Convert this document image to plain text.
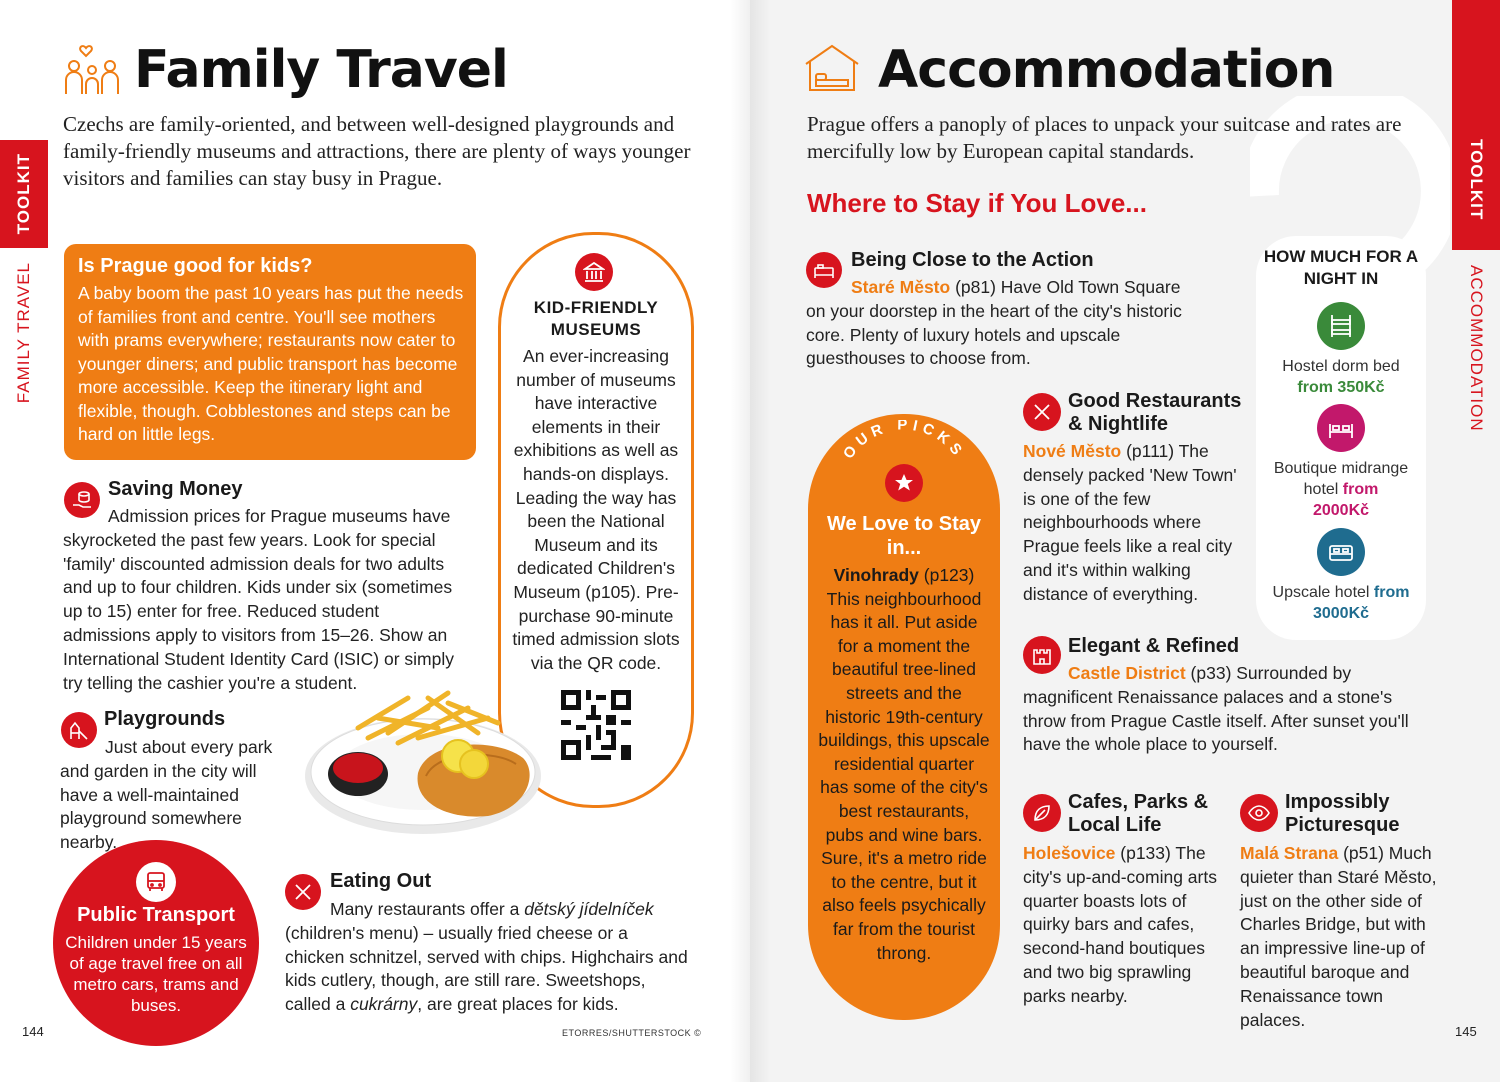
TOOLKIT
FAMILY TRAVEL
Family Travel
Czechs are family-oriented, and between well-designed playgrounds and family-friendly museums and attractions, there are plenty of ways younger visitors and families can stay busy in Prague.
Is Prague good for kids?
A baby boom the past 10 years has put the needs of families front and centre. You'll see mothers with prams everywhere; restaurants now cater to younger diners; and public transport has become more accessible. Keep the itinerary light and flexible, though. Cobblestones and steps can be hard on little legs.
KID-FRIENDLY MUSEUMS
An ever-increasing number of museums have interactive elements in their exhibitions as well as hands-on displays. Leading the way has been the National Museum and its dedicated Children's Museum (p105). Pre-purchase 90-minute timed admission slots via the QR code.
Saving Money
Admission prices for Prague museums have skyrocketed the past few years. Look for special 'family' discounted admission deals for two adults and up to four children. Kids under six (sometimes up to 15) enter for free. Reduced student admissions apply to visitors from 15–26. Show an International Student Identity Card (ISIC) or simply try telling the cashier you're a student.
Playgrounds
Just about every park and garden in the city will have a well-maintained playground somewhere nearby.
Public Transport
Children under 15 years of age travel free on all metro cars, trams and buses.
Eating Out
Many restaurants offer a dětský jídelníček (children's menu) – usually fried cheese or a chicken schnitzel, served with chips. Highchairs and kids cutlery, though, are still rare. Sweetshops, called a cukrárny, are great places for kids.
144	ETORRES/SHUTTERSTOCK ©
TOOLKIT
ACCOMMODATION
Accommodation
Prague offers a panoply of places to unpack your suitcase and rates are mercifully low by European capital standards.
Where to Stay if You Love...
Being Close to the Action
Staré Město (p81) Have Old Town Square on your doorstep in the heart of the city's historic core. Plenty of luxury hotels and upscale guesthouses to choose from.
OUR PICKS
We Love to Stay in...
Vinohrady (p123) This neighbourhood has it all. Put aside for a moment the beautiful tree-lined streets and the historic 19th-century buildings, this upscale residential quarter has some of the city's best restaurants, pubs and wine bars. Sure, it's a metro ride to the centre, but it also feels psychically far from the tourist throng.
Good Restaurants & Nightlife
Nové Město (p111) The densely packed 'New Town' is one of the few neighbourhoods where Prague feels like a real city and it's within walking distance of everything.
HOW MUCH FOR A NIGHT IN
Hostel dorm bed
from 350Kč
Boutique midrange hotel from
2000Kč
Upscale hotel from
3000Kč
Elegant & Refined
Castle District (p33) Surrounded by magnificent Renaissance palaces and a stone's throw from Prague Castle itself. After sunset you'll have the whole place to yourself.
Cafes, Parks & Local Life
Holešovice (p133) The city's up-and-coming arts quarter boasts lots of quirky bars and cafes, second-hand boutiques and two big sprawling parks nearby.
Impossibly Picturesque
Malá Strana (p51) Much quieter than Staré Město, just on the other side of Charles Bridge, but with an impressive line-up of beautiful baroque and Renaissance town palaces.
145
